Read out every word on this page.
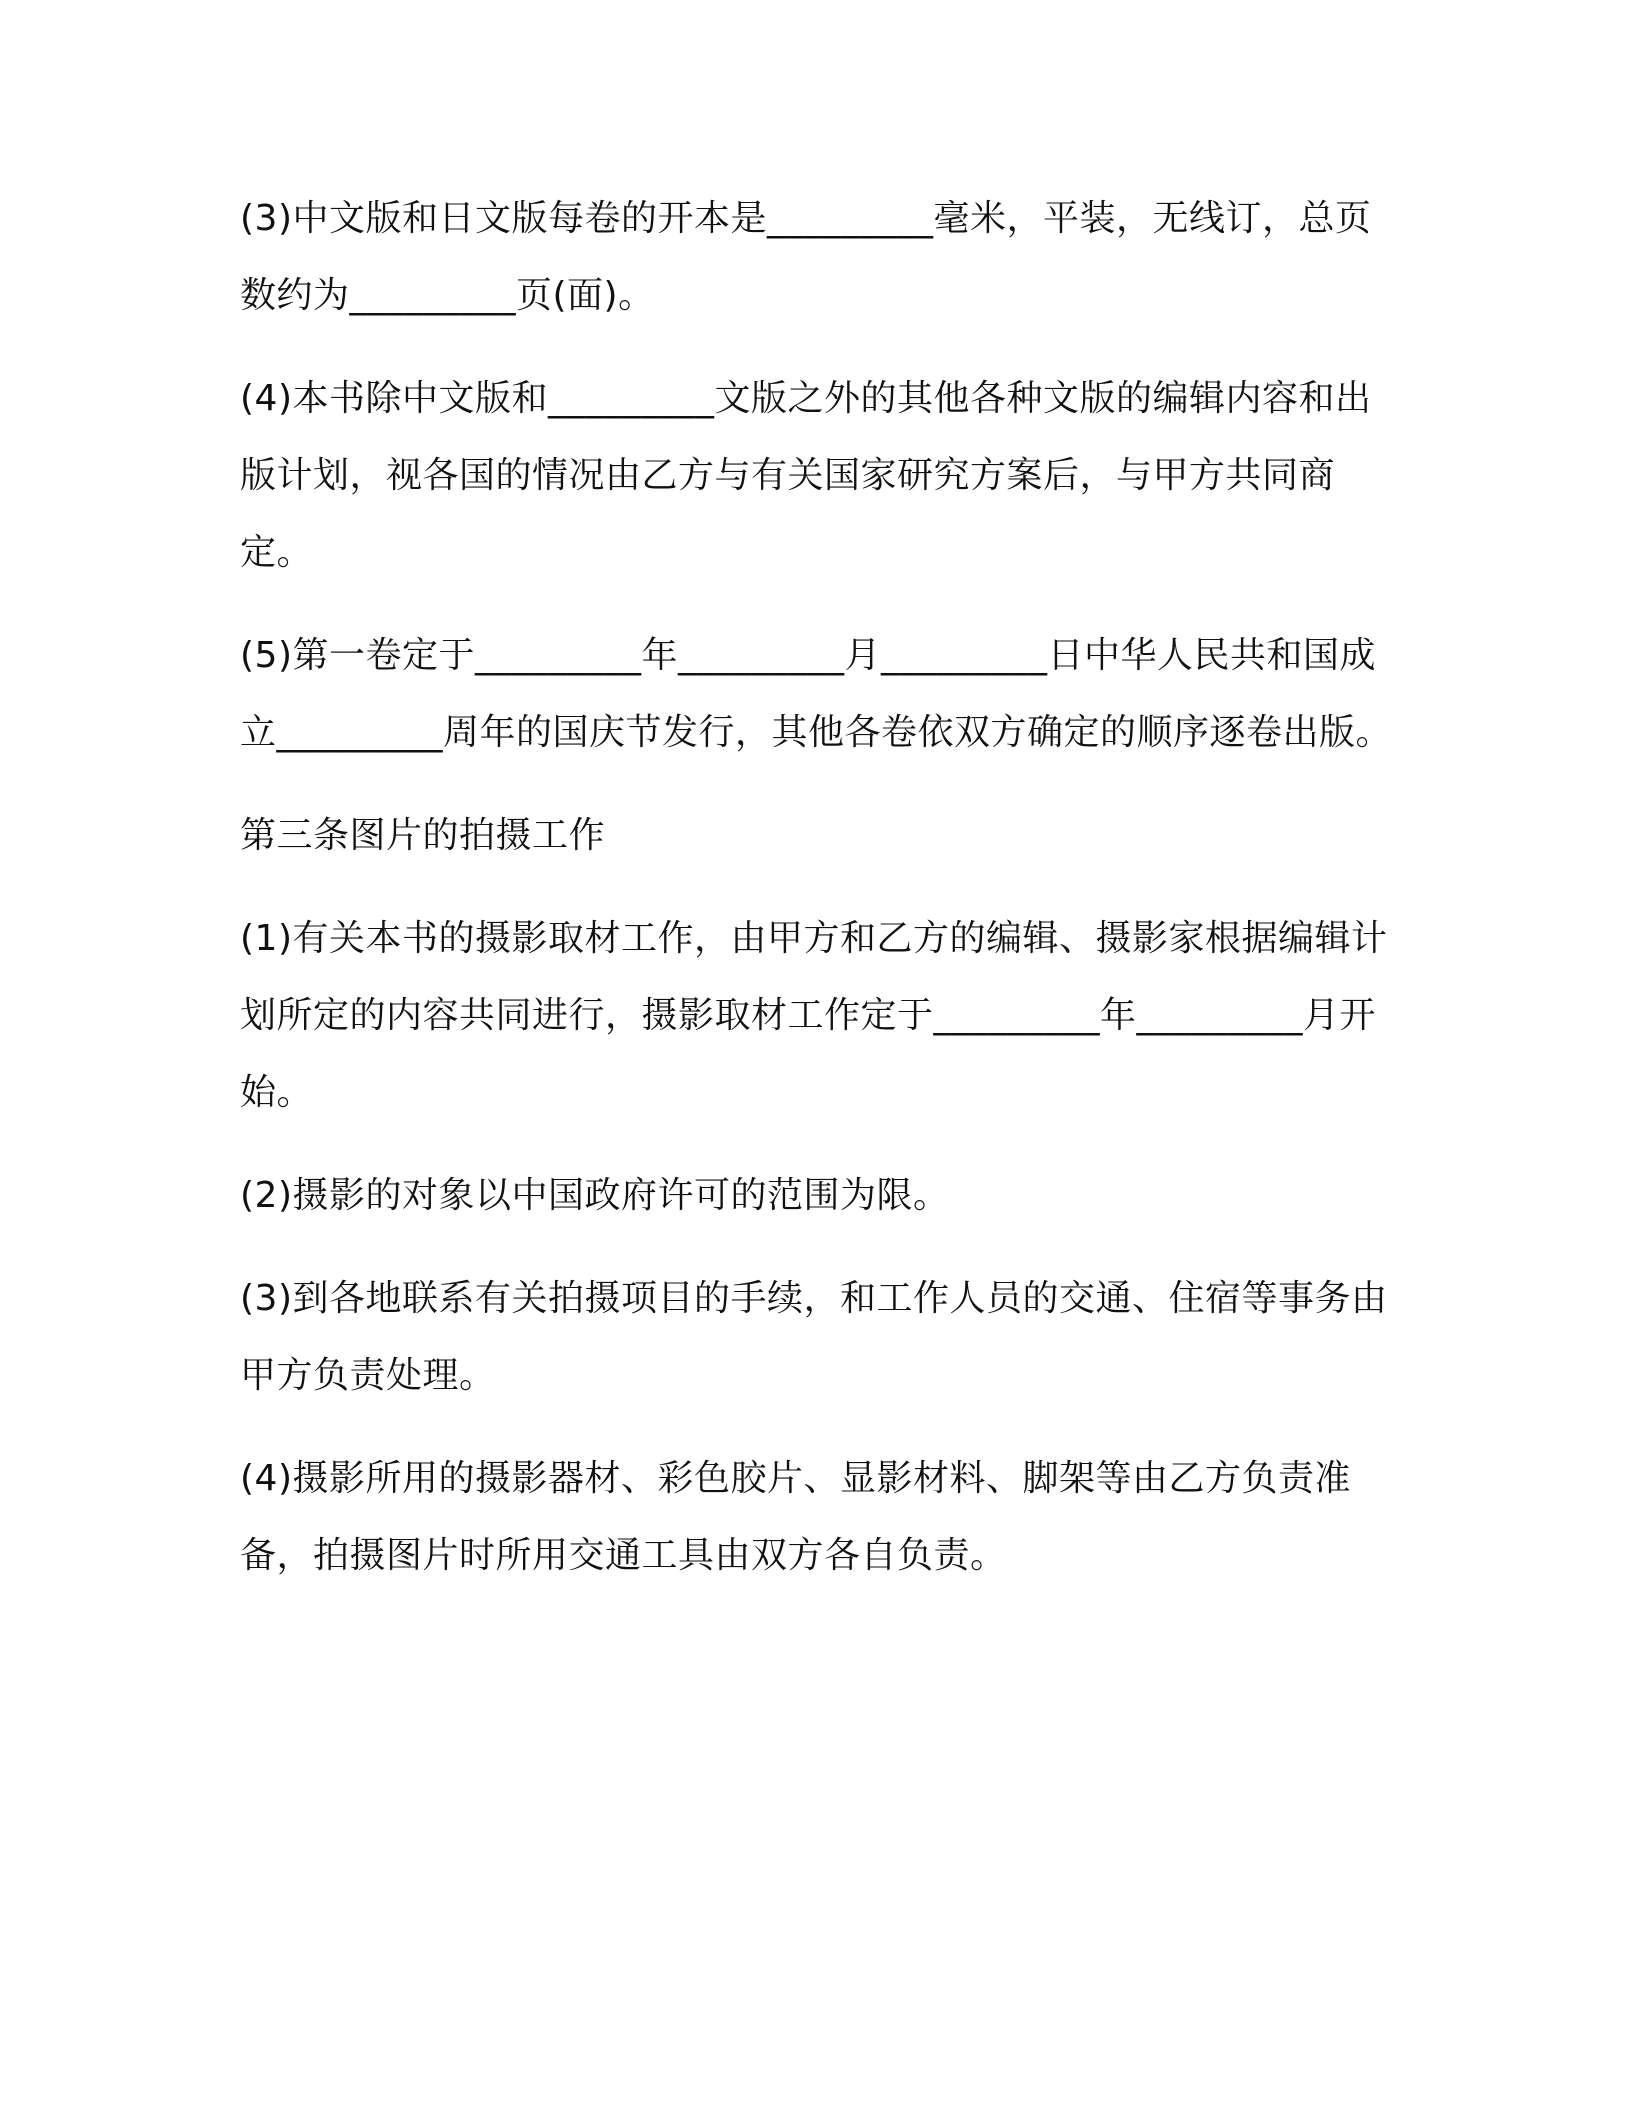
(3)中文版和日文版每卷的开本是_________毫米，平装，无线订，总页数约为_________页(面)。

(4)本书除中文版和_________文版之外的其他各种文版的编辑内容和出版计划，视各国的情况由乙方与有关国家研究方案后，与甲方共同商定。

(5)第一卷定于_________年_________月_________日中华人民共和国成立_________周年的国庆节发行，其他各卷依双方确定的顺序逐卷出版。

第三条图片的拍摄工作

(1)有关本书的摄影取材工作，由甲方和乙方的编辑、摄影家根据编辑计划所定的内容共同进行，摄影取材工作定于_________年_________月开始。

(2)摄影的对象以中国政府许可的范围为限。

(3)到各地联系有关拍摄项目的手续，和工作人员的交通、住宿等事务由甲方负责处理。

(4)摄影所用的摄影器材、彩色胶片、显影材料、脚架等由乙方负责准备，拍摄图片时所用交通工具由双方各自负责。
